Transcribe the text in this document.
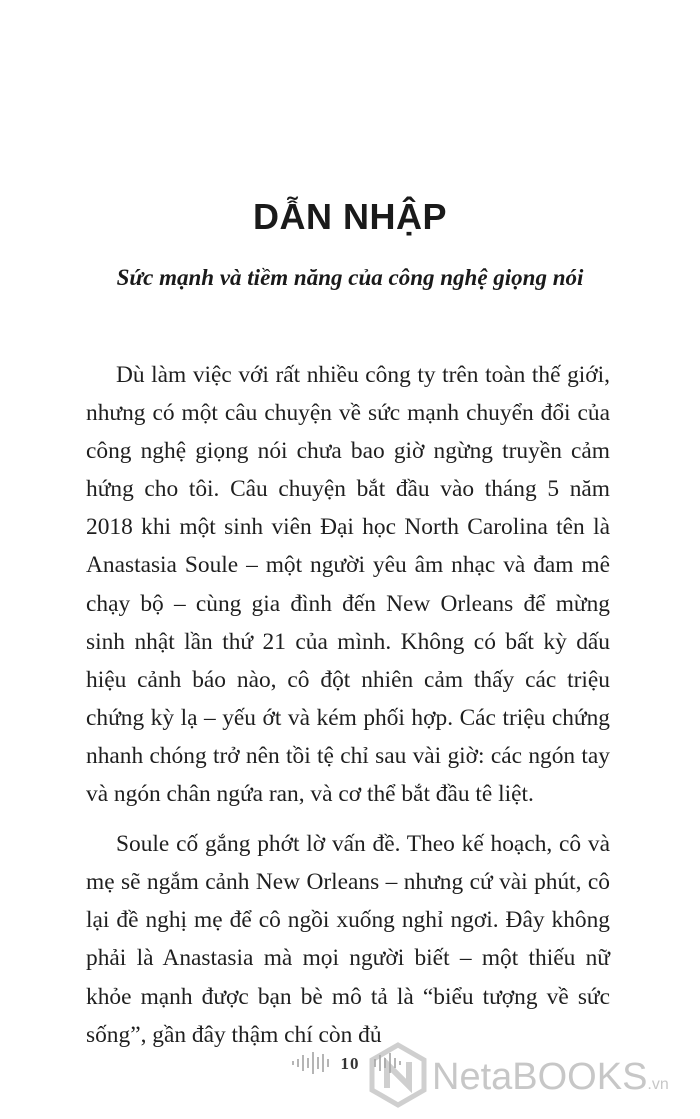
DẪN NHẬP
Sức mạnh và tiềm năng của công nghệ giọng nói

Dù làm việc với rất nhiều công ty trên toàn thế giới, nhưng có một câu chuyện về sức mạnh chuyển đổi của công nghệ giọng nói chưa bao giờ ngừng truyền cảm hứng cho tôi. Câu chuyện bắt đầu vào tháng 5 năm 2018 khi một sinh viên Đại học North Carolina tên là Anastasia Soule – một người yêu âm nhạc và đam mê chạy bộ – cùng gia đình đến New Orleans để mừng sinh nhật lần thứ 21 của mình. Không có bất kỳ dấu hiệu cảnh báo nào, cô đột nhiên cảm thấy các triệu chứng kỳ lạ – yếu ớt và kém phối hợp. Các triệu chứng nhanh chóng trở nên tồi tệ chỉ sau vài giờ: các ngón tay và ngón chân ngứa ran, và cơ thể bắt đầu tê liệt.

Soule cố gắng phớt lờ vấn đề. Theo kế hoạch, cô và mẹ sẽ ngắm cảnh New Orleans – nhưng cứ vài phút, cô lại đề nghị mẹ để cô ngồi xuống nghỉ ngơi. Đây không phải là Anastasia mà mọi người biết – một thiếu nữ khỏe mạnh được bạn bè mô tả là “biểu tượng về sức sống”, gần đây thậm chí còn đủ

10 NetaBOOKS.vn
